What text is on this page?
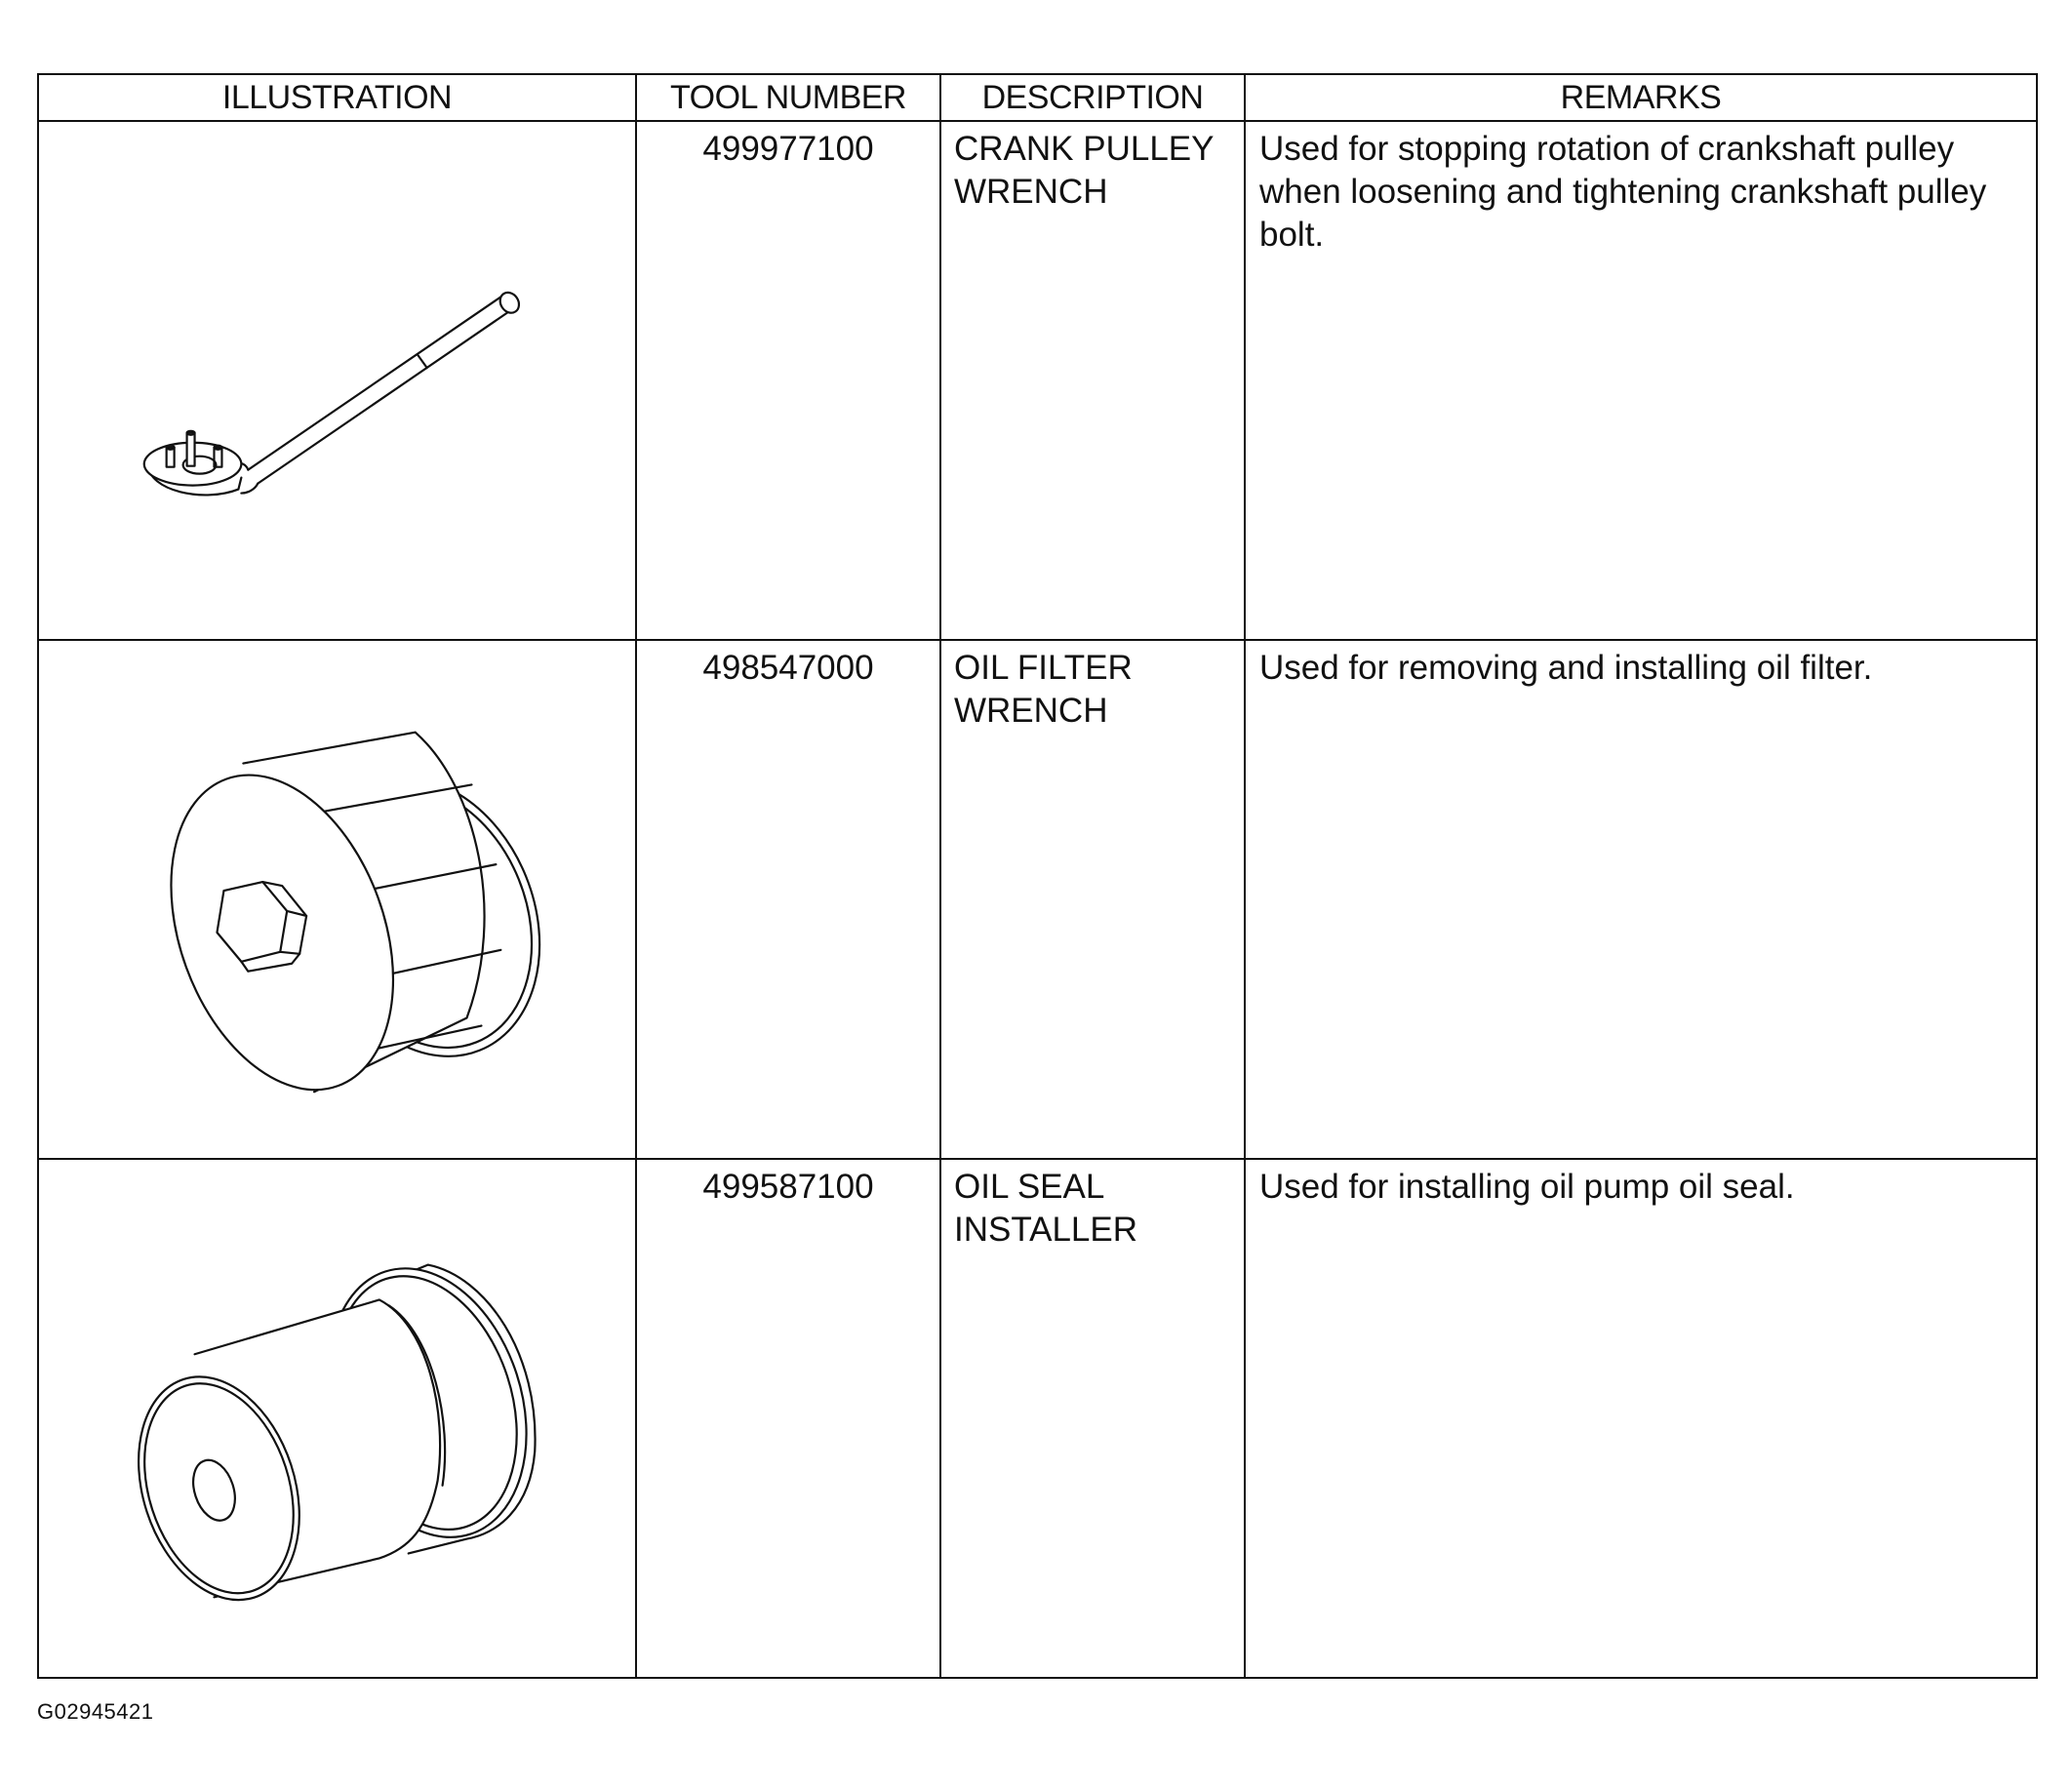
ILLUSTRATION	TOOL NUMBER	DESCRIPTION	REMARKS

	499977100	CRANK PULLEY WRENCH	Used for stopping rotation of crankshaft pulley when loosening and tightening crankshaft pulley bolt.

	498547000	OIL FILTER WRENCH	Used for removing and installing oil filter.

	499587100	OIL SEAL INSTALLER	Used for installing oil pump oil seal.
G02945421
